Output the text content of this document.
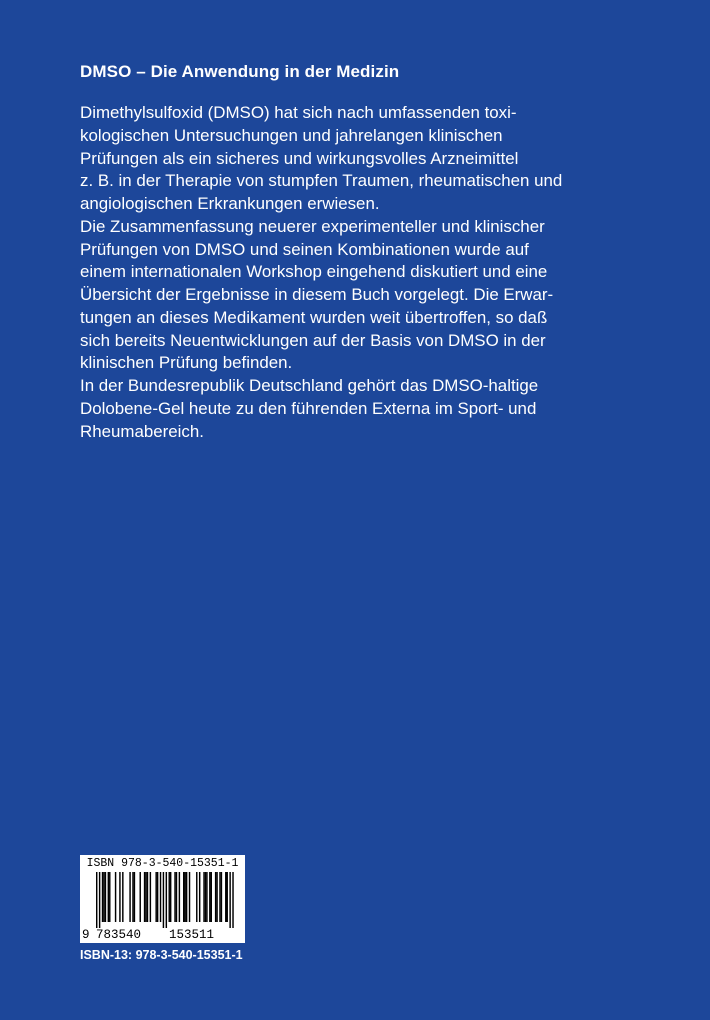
DMSO – Die Anwendung in der Medizin
Dimethylsulfoxid (DMSO) hat sich nach umfassenden toxi-
kologischen Untersuchungen und jahrelangen klinischen
Prüfungen als ein sicheres und wirkungsvolles Arzneimittel
z. B. in der Therapie von stumpfen Traumen, rheumatischen und
angiologischen Erkrankungen erwiesen.
Die Zusammenfassung neuerer experimenteller und klinischer
Prüfungen von DMSO und seinen Kombinationen wurde auf
einem internationalen Workshop eingehend diskutiert und eine
Übersicht der Ergebnisse in diesem Buch vorgelegt. Die Erwar-
tungen an dieses Medikament wurden weit übertroffen, so daß
sich bereits Neuentwicklungen auf der Basis von DMSO in der
klinischen Prüfung befinden.
In der Bundesrepublik Deutschland gehört das DMSO-haltige
Dolobene-Gel heute zu den führenden Externa im Sport- und
Rheumabereich.
ISBN 978-3-540-15351-1
9 783540 153511
ISBN-13: 978-3-540-15351-1
